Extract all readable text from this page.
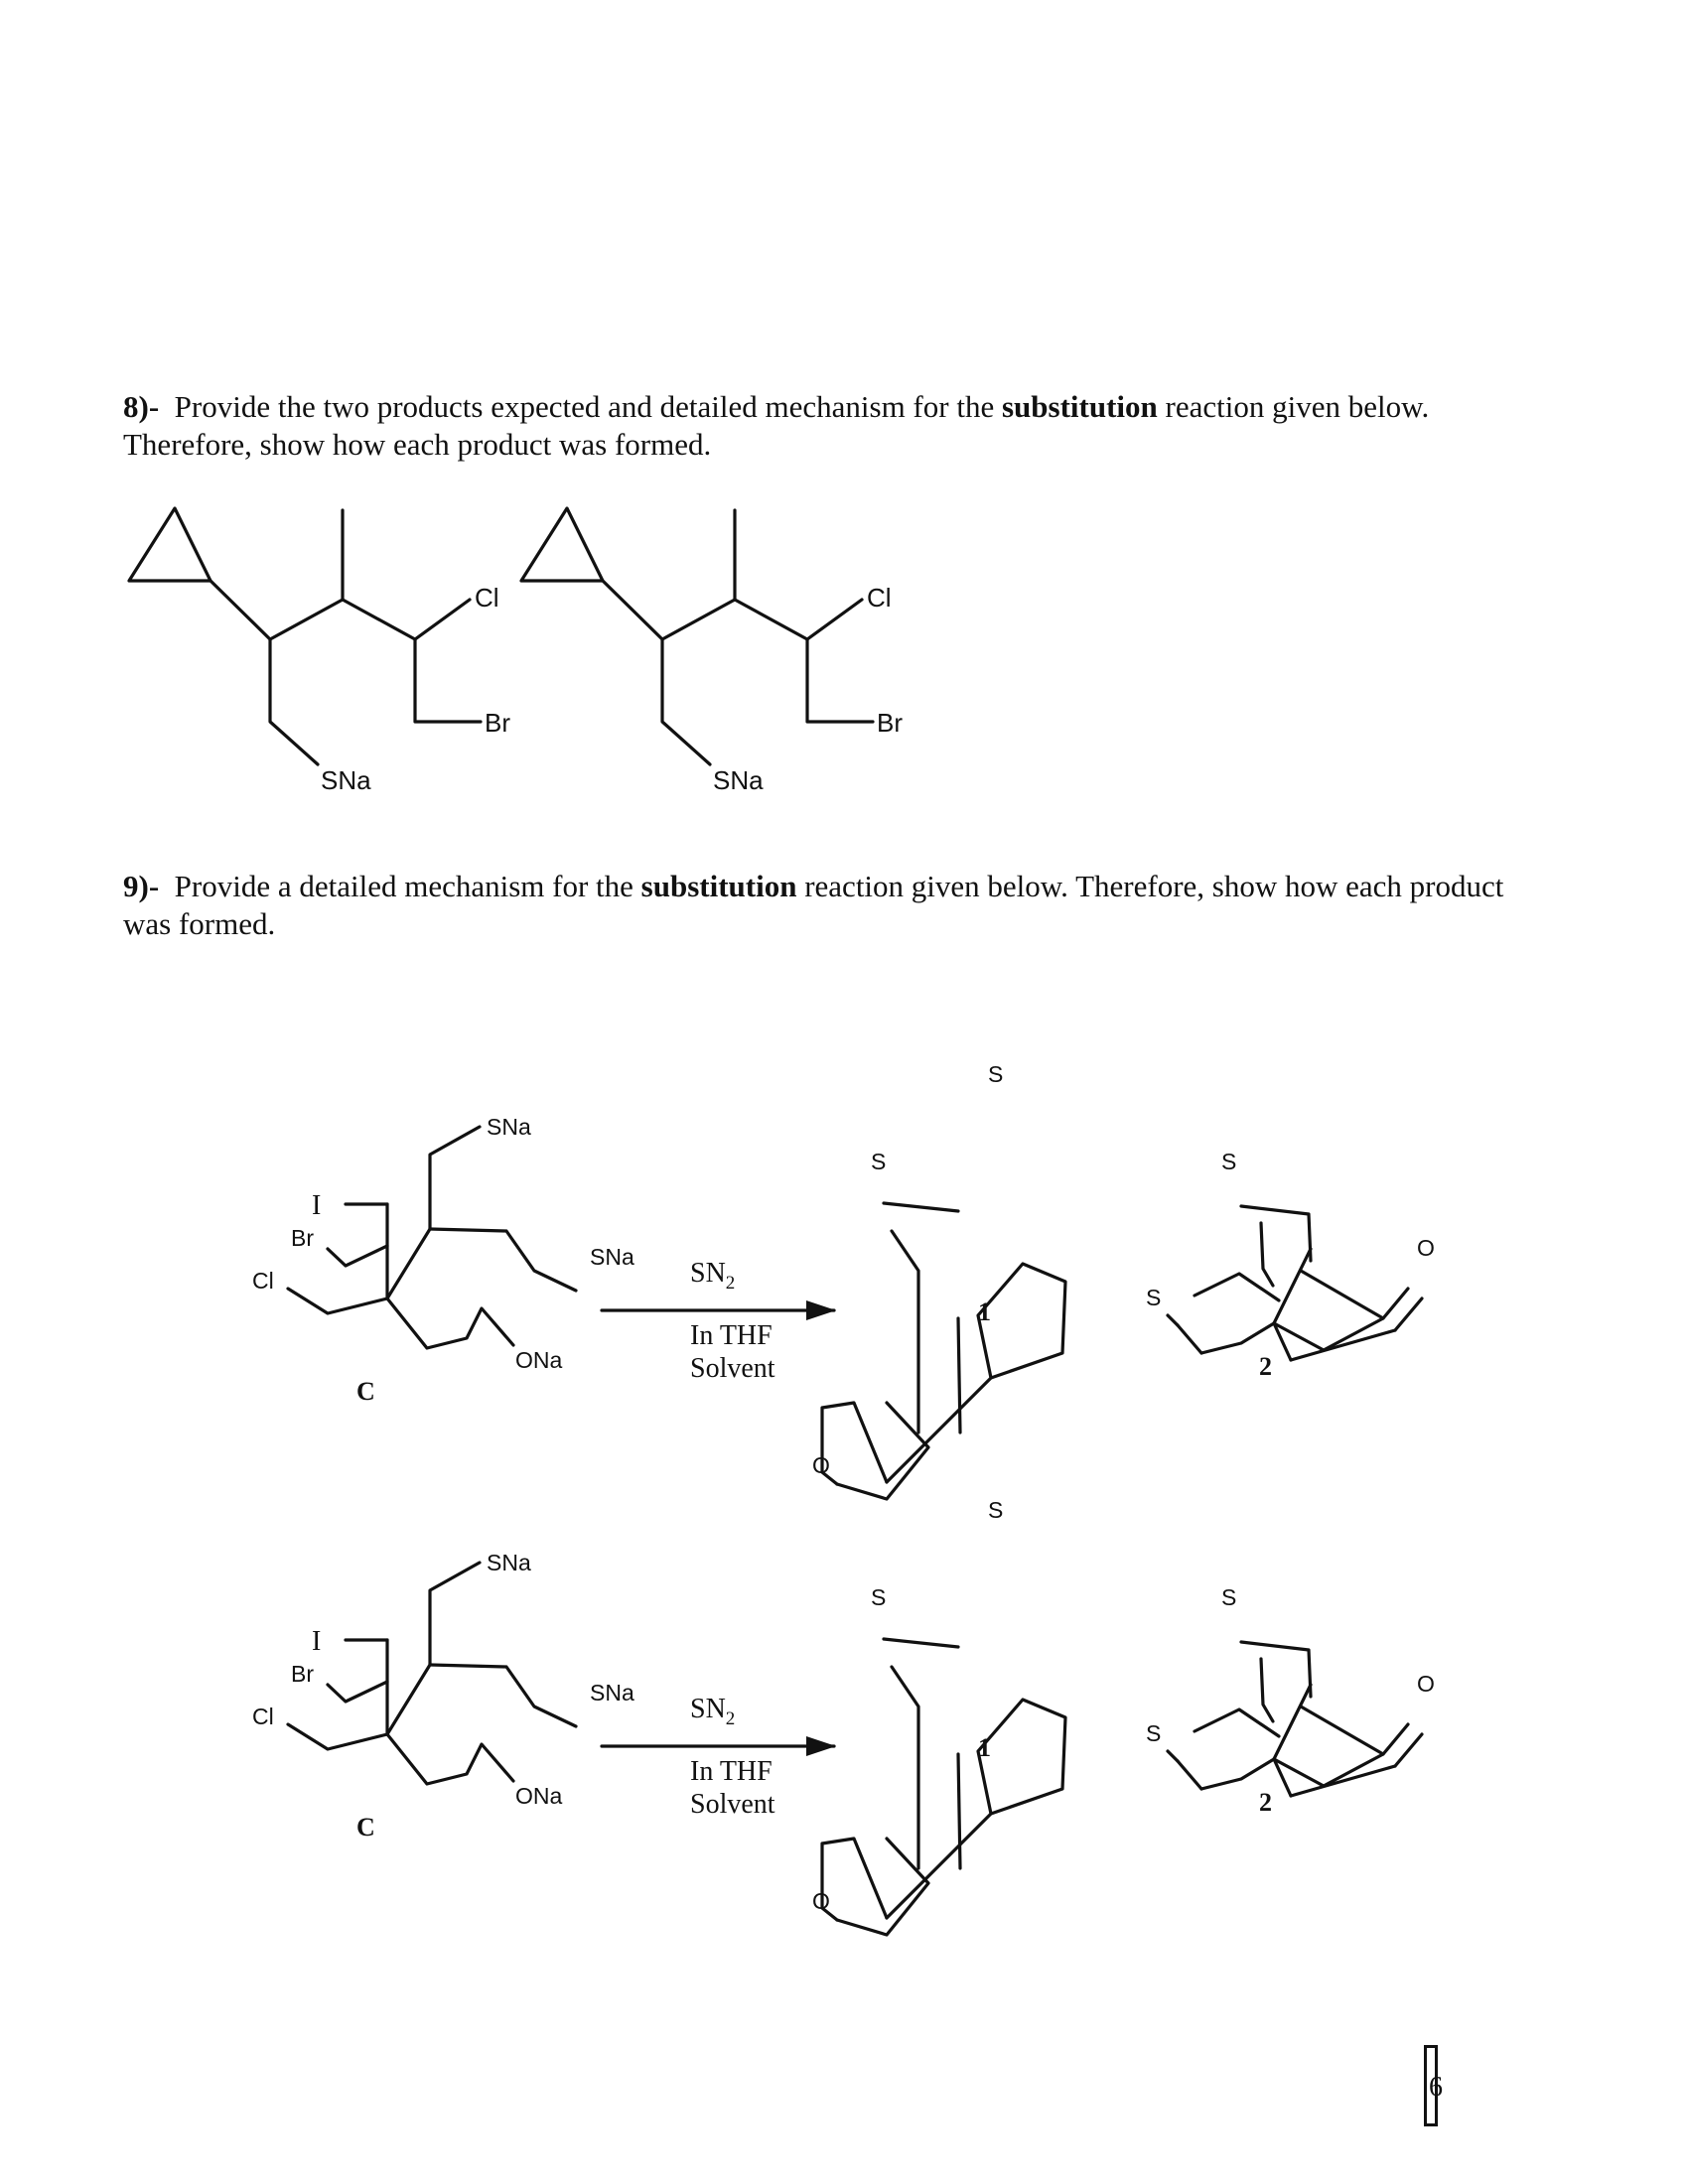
8)- Provide the two products expected and detailed mechanism for the substitution reaction given below. Therefore, show how each product was formed.
9)- Provide a detailed mechanism for the substitution reaction given below. Therefore, show how each product was formed.
Cl
Br
SNa
Cl
Br
SNa
SNa
SNa
ONa
I
Br
Cl
C
$SN_2$
In THF
Solvent
S
S
O
1
S
S
O
2
SNa
SNa
ONa
I
Br
Cl
C
$SN_2$
In THF
Solvent
S
S
O
1
S
S
O
2
6
